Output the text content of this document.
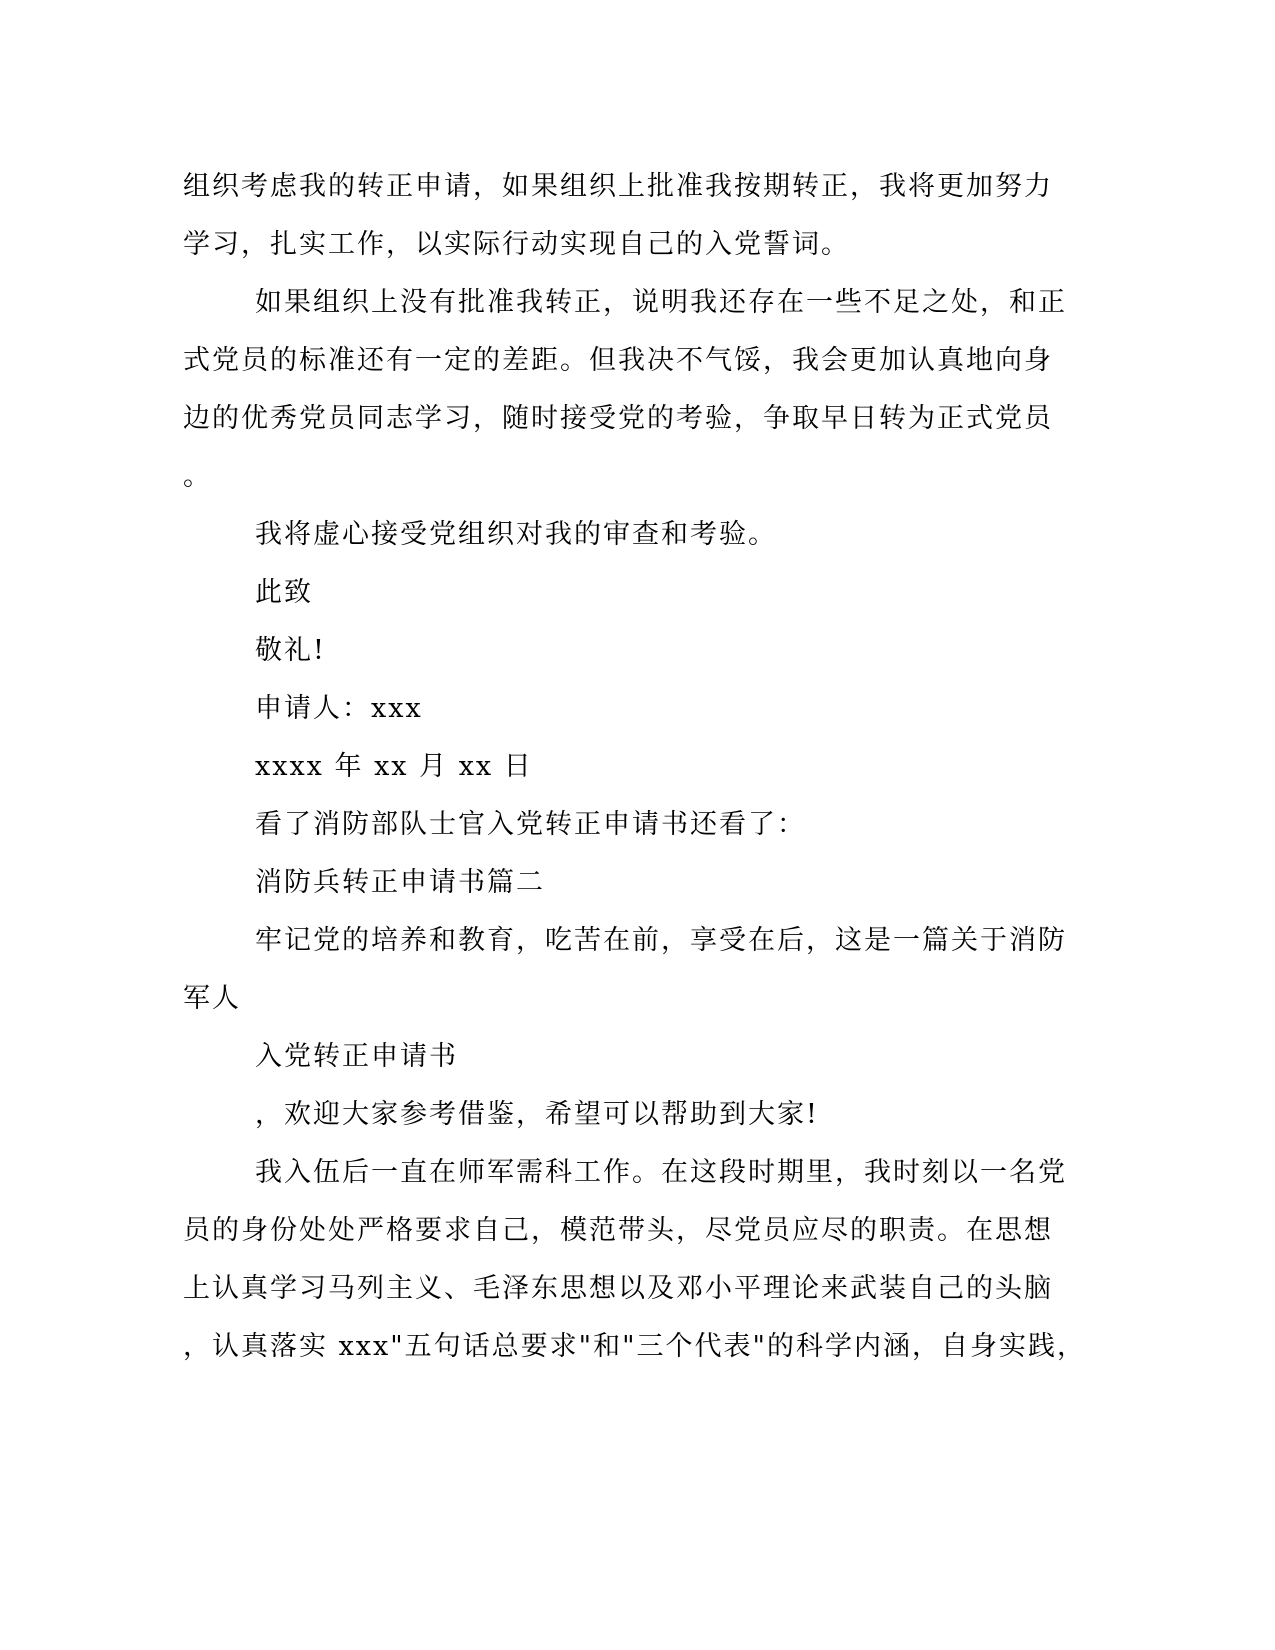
组织考虑我的转正申请，如果组织上批准我按期转正，我将更加努力

学习，扎实工作，以实际行动实现自己的入党誓词。

如果组织上没有批准我转正，说明我还存在一些不足之处，和正

式党员的标准还有一定的差距。但我决不气馁，我会更加认真地向身

边的优秀党员同志学习，随时接受党的考验，争取早日转为正式党员

。

我将虚心接受党组织对我的审查和考验。

此致

敬礼!

申请人：xxx

xxxx 年 xx 月 xx 日

看了消防部队士官入党转正申请书还看了：

消防兵转正申请书篇二

牢记党的培养和教育，吃苦在前，享受在后，这是一篇关于消防

军人

入党转正申请书

，欢迎大家参考借鉴，希望可以帮助到大家!

我入伍后一直在师军需科工作。在这段时期里，我时刻以一名党

员的身份处处严格要求自己，模范带头，尽党员应尽的职责。在思想

上认真学习马列主义、毛泽东思想以及邓小平理论来武装自己的头脑

，认真落实 xxx"五句话总要求"和"三个代表"的科学内涵，自身实践，
